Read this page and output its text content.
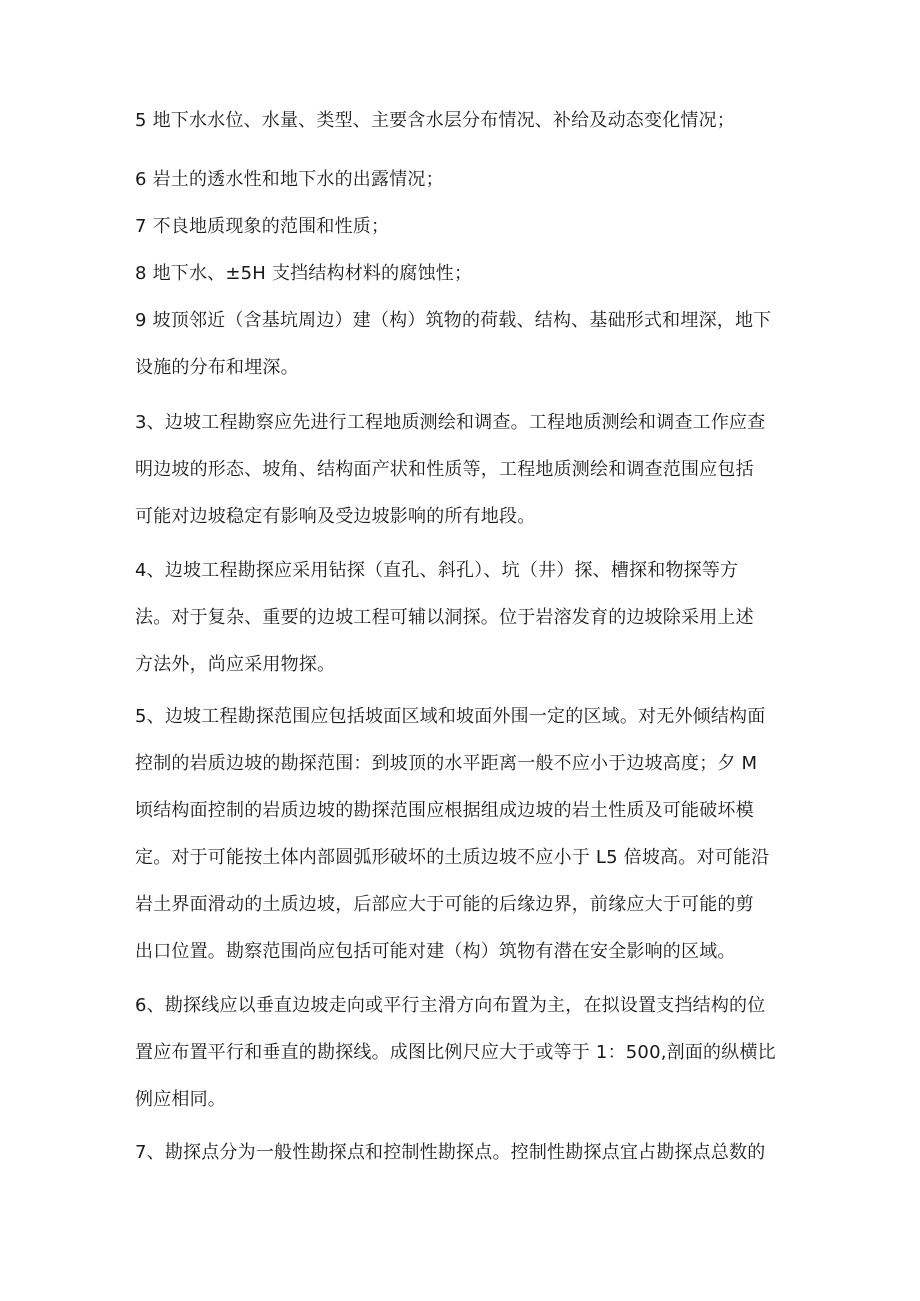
5 地下水水位、水量、类型、主要含水层分布情况、补给及动态变化情况；

6 岩土的透水性和地下水的出露情况；

7 不良地质现象的范围和性质；

8 地下水、±5H 支挡结构材料的腐蚀性；

9 坡顶邻近（含基坑周边）建（构）筑物的荷载、结构、基础形式和埋深，地下
设施的分布和埋深。

3、边坡工程勘察应先进行工程地质测绘和调查。工程地质测绘和调查工作应查
明边坡的形态、坡角、结构面产状和性质等，工程地质测绘和调查范围应包括
可能对边坡稳定有影响及受边坡影响的所有地段。

4、边坡工程勘探应采用钻探（直孔、斜孔）、坑（井）探、槽探和物探等方
法。对于复杂、重要的边坡工程可辅以洞探。位于岩溶发育的边坡除采用上述
方法外，尚应采用物探。

5、边坡工程勘探范围应包括坡面区域和坡面外围一定的区域。对无外倾结构面
控制的岩质边坡的勘探范围：到坡顶的水平距离一般不应小于边坡高度；夕 M
顷结构面控制的岩质边坡的勘探范围应根据组成边坡的岩土性质及可能破坏模
定。对于可能按土体内部圆弧形破坏的土质边坡不应小于 L5 倍坡高。对可能沿
岩土界面滑动的土质边坡，后部应大于可能的后缘边界，前缘应大于可能的剪
出口位置。勘察范围尚应包括可能对建（构）筑物有潜在安全影响的区域。

6、勘探线应以垂直边坡走向或平行主滑方向布置为主，在拟设置支挡结构的位
置应布置平行和垂直的勘探线。成图比例尺应大于或等于 1：500,剖面的纵横比
例应相同。

7、勘探点分为一般性勘探点和控制性勘探点。控制性勘探点宜占勘探点总数的
